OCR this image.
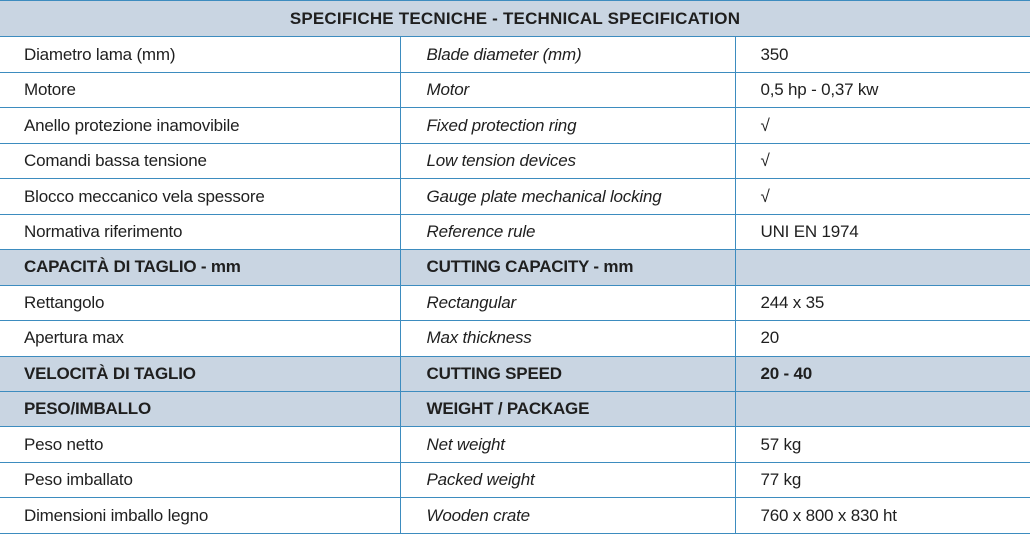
SPECIFICHE TECNICHE - TECHNICAL SPECIFICATION		
Diametro lama (mm)	Blade diameter (mm)	350
Motore	Motor	0,5 hp - 0,37 kw
Anello protezione inamovibile	Fixed protection ring	√
Comandi bassa tensione	Low tension devices	√
Blocco meccanico vela spessore	Gauge plate mechanical locking	√
Normativa riferimento	Reference rule	UNI EN 1974
CAPACITÀ DI TAGLIO - mm	CUTTING CAPACITY - mm	
Rettangolo	Rectangular	244 x 35
Apertura max	Max thickness	20
VELOCITÀ DI TAGLIO	CUTTING SPEED	20 - 40
PESO/IMBALLO	WEIGHT / PACKAGE	
Peso netto	Net weight	57 kg
Peso imballato	Packed weight	77 kg
Dimensioni imballo legno	Wooden crate	760 x 800 x 830 ht
